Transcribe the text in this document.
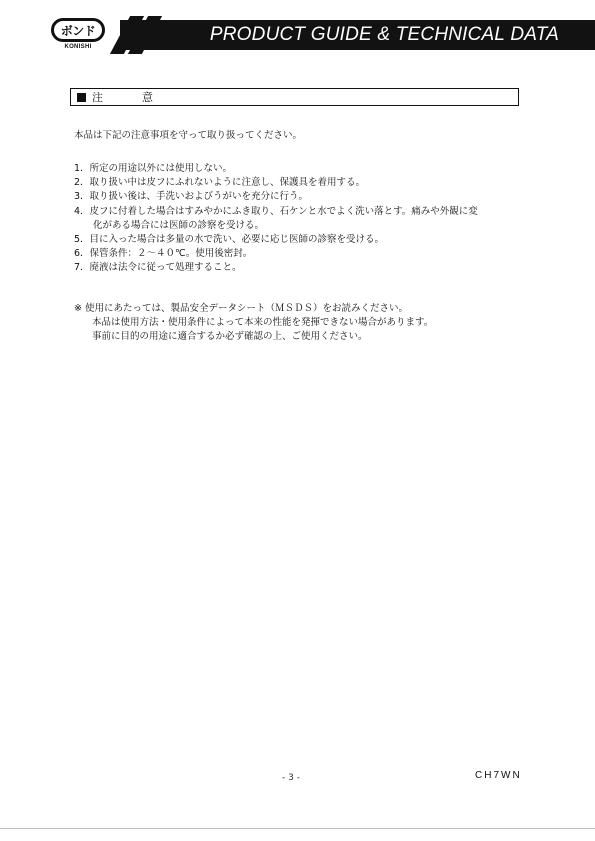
ボンド
KONISHI
PRODUCT GUIDE & TECHNICAL DATA
注　意
本品は下記の注意事項を守って取り扱ってください。
1．所定の用途以外には使用しない。
2．取り扱い中は皮フにふれないように注意し、保護具を着用する。
3．取り扱い後は、手洗いおよびうがいを充分に行う。
4．皮フに付着した場合はすみやかにふき取り、石ケンと水でよく洗い落とす。痛みや外観に変
化がある場合には医師の診察を受ける。
5．目に入った場合は多量の水で洗い、必要に応じ医師の診察を受ける。
6．保管条件：２～４０℃。使用後密封。
7．廃液は法令に従って処理すること。
※ 使用にあたっては、製品安全データシート（ＭＳＤＳ）をお読みください。
本品は使用方法・使用条件によって本来の性能を発揮できない場合があります。
事前に目的の用途に適合するか必ず確認の上、ご使用ください。
- 3 -	CH7WN
